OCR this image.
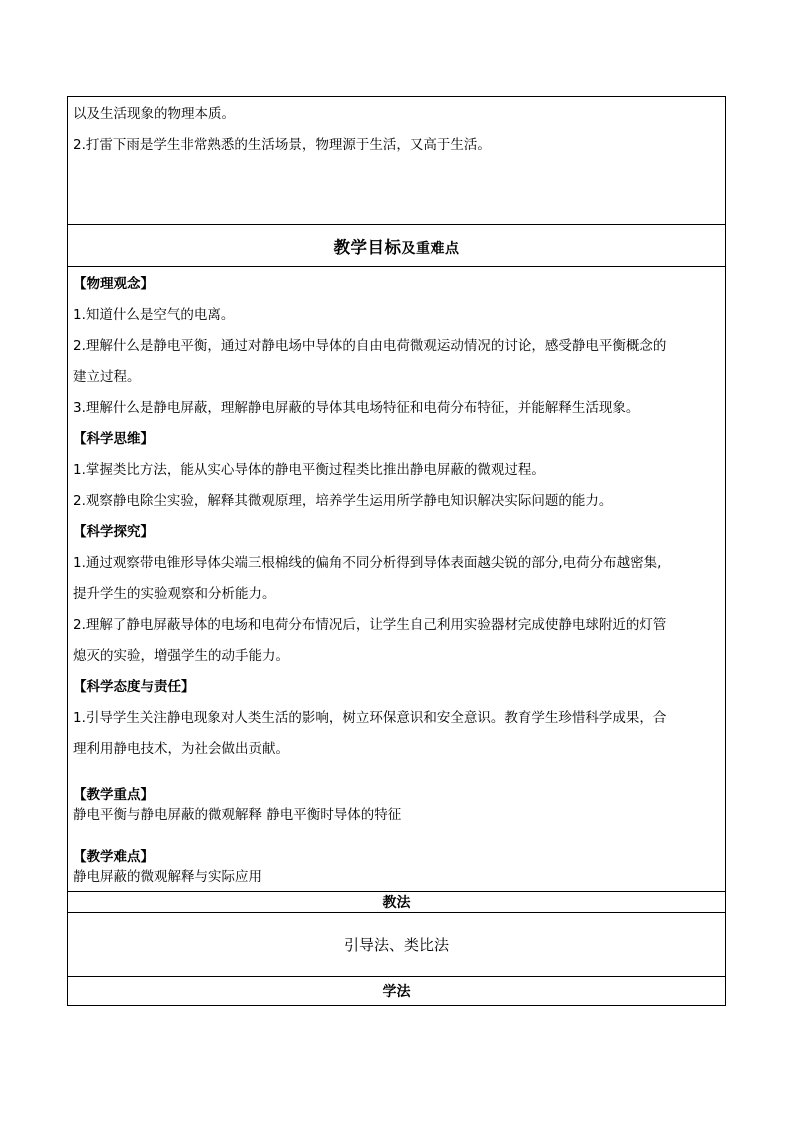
以及生活现象的物理本质。
2.打雷下雨是学生非常熟悉的生活场景，物理源于生活，又高于生活。
教学目标及重难点
【物理观念】
1.知道什么是空气的电离。
2.理解什么是静电平衡，通过对静电场中导体的自由电荷微观运动情况的讨论，感受静电平衡概念的
建立过程。
3.理解什么是静电屏蔽，理解静电屏蔽的导体其电场特征和电荷分布特征，并能解释生活现象。
【科学思维】
1.掌握类比方法，能从实心导体的静电平衡过程类比推出静电屏蔽的微观过程。
2.观察静电除尘实验，解释其微观原理，培养学生运用所学静电知识解决实际问题的能力。
【科学探究】
1.通过观察带电锥形导体尖端三根棉线的偏角不同分析得到导体表面越尖锐的部分,电荷分布越密集,
提升学生的实验观察和分析能力。
2.理解了静电屏蔽导体的电场和电荷分布情况后，让学生自己利用实验器材完成使静电球附近的灯管
熄灭的实验，增强学生的动手能力。
【科学态度与责任】
1.引导学生关注静电现象对人类生活的影响，树立环保意识和安全意识。教育学生珍惜科学成果，合
理利用静电技术，为社会做出贡献。
【教学重点】
静电平衡与静电屏蔽的微观解释 静电平衡时导体的特征
【教学难点】
静电屏蔽的微观解释与实际应用
教法
引导法、类比法
学法
